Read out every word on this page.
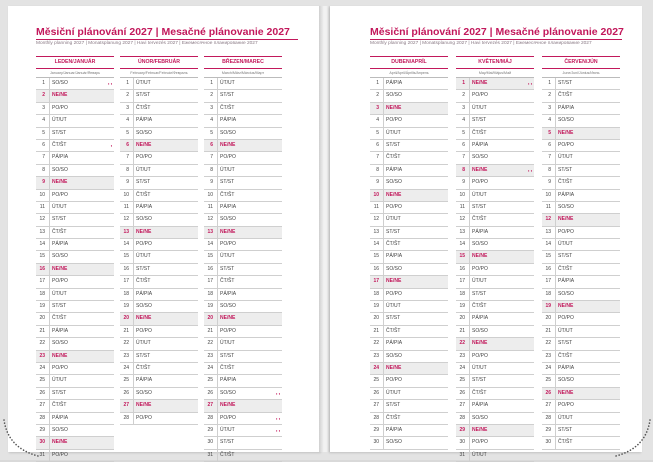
Měsiční plánování 2027 | Mesačné plánovanie 2027
Monthly planning 2027 | Monatsplanung 2027 | Havi tervezés 2027 | Ежемесячное планирование 2027
LEDEN/JANUÁR
January/Januar/Január/Январь
1	SO/SO	◐◑
2	NE/NE
3	PO/PO
4	ÚT/UT
5	ST/ST
6	ČT/ŠT	◑
7	PÁ/PIA
8	SO/SO
9	NE/NE
10	PO/PO
11	ÚT/UT
12	ST/ST
13	ČT/ŠT
14	PÁ/PIA
15	SO/SO
16	NE/NE
17	PO/PO
18	ÚT/UT
19	ST/ST
20	ČT/ŠT
21	PÁ/PIA
22	SO/SO
23	NE/NE
24	PO/PO
25	ÚT/UT
26	ST/ST
27	ČT/ŠT
28	PÁ/PIA
29	SO/SO
30	NE/NE
31	PO/PO
ÚNOR/FEBRUÁR
February/Februar/Február/Февраль
1	ÚT/UT
2	ST/ST
3	ČT/ŠT
4	PÁ/PIA
5	SO/SO
6	NE/NE
7	PO/PO
8	ÚT/UT
9	ST/ST
10	ČT/ŠT
11	PÁ/PIA
12	SO/SO
13	NE/NE
14	PO/PO
15	ÚT/UT
16	ST/ST
17	ČT/ŠT
18	PÁ/PIA
19	SO/SO
20	NE/NE
21	PO/PO
22	ÚT/UT
23	ST/ST
24	ČT/ŠT
25	PÁ/PIA
26	SO/SO
27	NE/NE
28	PO/PO
BŘEZEN/MAREC
March/März/Március/Март
1	ÚT/UT
2	ST/ST
3	ČT/ŠT
4	PÁ/PIA
5	SO/SO
6	NE/NE
7	PO/PO
8	ÚT/UT
9	ST/ST
10	ČT/ŠT
11	PÁ/PIA
12	SO/SO
13	NE/NE
14	PO/PO
15	ÚT/UT
16	ST/ST
17	ČT/ŠT
18	PÁ/PIA
19	SO/SO
20	NE/NE
21	PO/PO
22	ÚT/UT
23	ST/ST
24	ČT/ŠT
25	PÁ/PIA
26	SO/SO	◐◑
27	NE/NE
28	PO/PO	◐◑
29	ÚT/UT	◐◑
30	ST/ST
31	ČT/ŠT
Měsiční plánování 2027 | Mesačné plánovanie 2027
Monthly planning 2027 | Monatsplanung 2027 | Havi tervezés 2027 | Ежемесячное планирование 2027
DUBEN/APRÍL
April/April/Április/Апрель
1	PÁ/PIA
2	SO/SO
3	NE/NE
4	PO/PO
5	ÚT/UT
6	ST/ST
7	ČT/ŠT
8	PÁ/PIA
9	SO/SO
10	NE/NE
11	PO/PO
12	ÚT/UT
13	ST/ST
14	ČT/ŠT
15	PÁ/PIA
16	SO/SO
17	NE/NE
18	PO/PO
19	ÚT/UT
20	ST/ST
21	ČT/ŠT
22	PÁ/PIA
23	SO/SO
24	NE/NE
25	PO/PO
26	ÚT/UT
27	ST/ST
28	ČT/ŠT
29	PÁ/PIA
30	SO/SO
KVĚTEN/MÁJ
May/Mai/Május/Май
1	NE/NE	◐◑
2	PO/PO
3	ÚT/UT
4	ST/ST
5	ČT/ŠT
6	PÁ/PIA
7	SO/SO
8	NE/NE	◐◑
9	PO/PO
10	ÚT/UT
11	ST/ST
12	ČT/ŠT
13	PÁ/PIA
14	SO/SO
15	NE/NE
16	PO/PO
17	ÚT/UT
18	ST/ST
19	ČT/ŠT
20	PÁ/PIA
21	SO/SO
22	NE/NE
23	PO/PO
24	ÚT/UT
25	ST/ST
26	ČT/ŠT
27	PÁ/PIA
28	SO/SO
29	NE/NE
30	PO/PO
31	ÚT/UT
ČERVEN/JÚN
June/Juni/Június/Июнь
1	ST/ST
2	ČT/ŠT
3	PÁ/PIA
4	SO/SO
5	NE/NE
6	PO/PO
7	ÚT/UT
8	ST/ST
9	ČT/ŠT
10	PÁ/PIA
11	SO/SO
12	NE/NE
13	PO/PO
14	ÚT/UT
15	ST/ST
16	ČT/ŠT
17	PÁ/PIA
18	SO/SO
19	NE/NE
20	PO/PO
21	ÚT/UT
22	ST/ST
23	ČT/ŠT
24	PÁ/PIA
25	SO/SO
26	NE/NE
27	PO/PO
28	ÚT/UT
29	ST/ST
30	ČT/ŠT
